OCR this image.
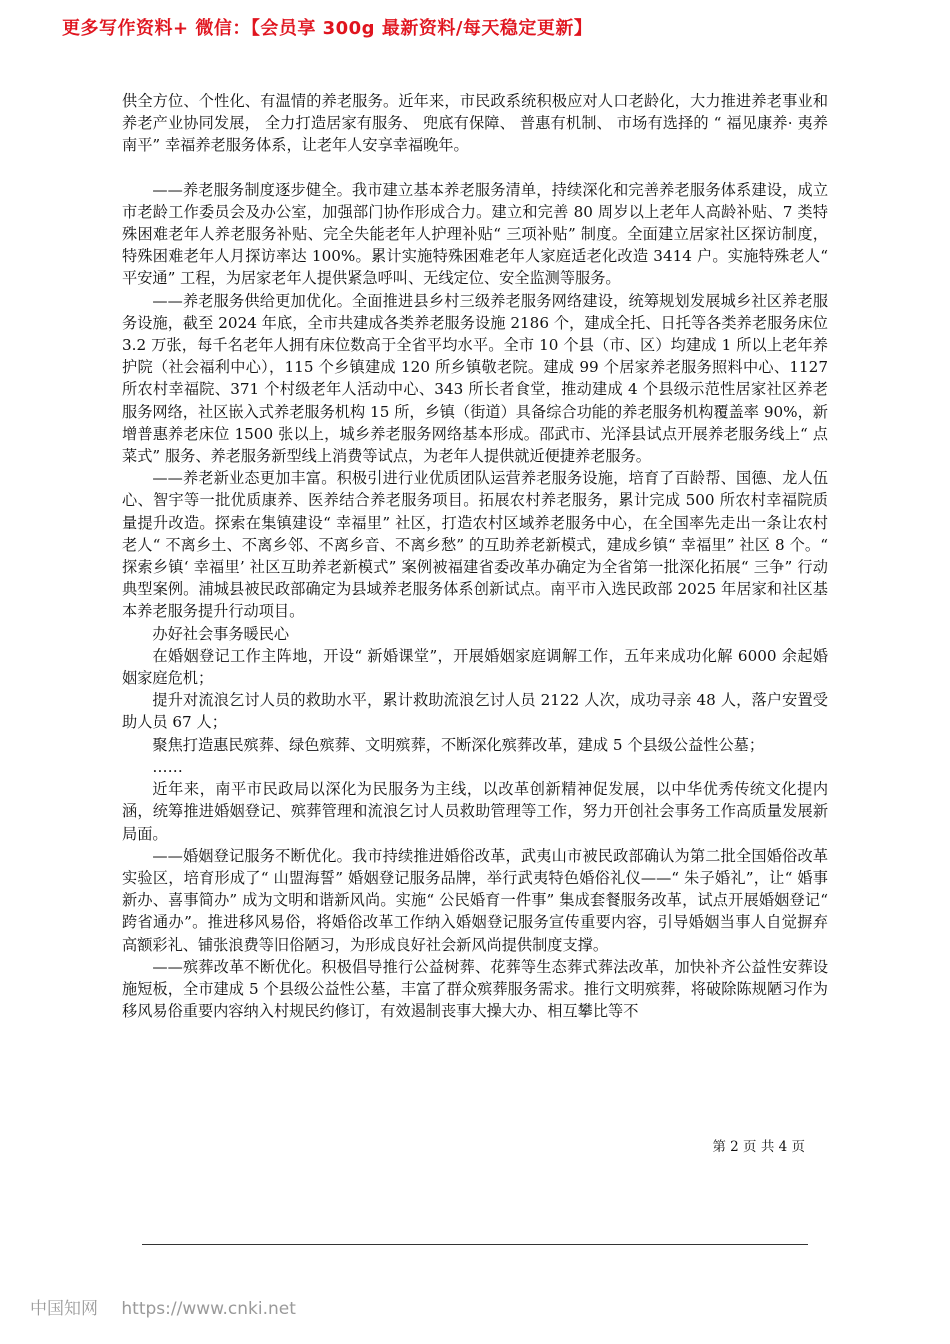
更多写作资料+ 微信：【会员享 300g 最新资料/每天稳定更新】

供全方位、个性化、有温情的养老服务。近年来，市民政系统积极应对人口老龄化，大力推进养老事业和养老产业协同发展， 全力打造居家有服务、 兜底有保障、 普惠有机制、 市场有选择的 “ 福见康养· 夷养南平” 幸福养老服务体系，让老年人安享幸福晚年。

——养老服务制度逐步健全。我市建立基本养老服务清单，持续深化和完善养老服务体系建设，成立市老龄工作委员会及办公室，加强部门协作形成合力。建立和完善 80 周岁以上老年人高龄补贴、7 类特殊困难老年人养老服务补贴、完全失能老年人护理补贴“ 三项补贴” 制度。全面建立居家社区探访制度，特殊困难老年人月探访率达 100%。累计实施特殊困难老年人家庭适老化改造 3414 户。实施特殊老人“ 平安通” 工程，为居家老年人提供紧急呼叫、无线定位、安全监测等服务。

——养老服务供给更加优化。全面推进县乡村三级养老服务网络建设，统筹规划发展城乡社区养老服务设施，截至 2024 年底，全市共建成各类养老服务设施 2186 个，建成全托、日托等各类养老服务床位 3.2 万张，每千名老年人拥有床位数高于全省平均水平。全市 10 个县（市、区）均建成 1 所以上老年养护院（社会福利中心），115 个乡镇建成 120 所乡镇敬老院。建成 99 个居家养老服务照料中心、1127 所农村幸福院、371 个村级老年人活动中心、343 所长者食堂，推动建成 4 个县级示范性居家社区养老服务网络，社区嵌入式养老服务机构 15 所，乡镇（街道）具备综合功能的养老服务机构覆盖率 90%，新增普惠养老床位 1500 张以上，城乡养老服务网络基本形成。邵武市、光泽县试点开展养老服务线上“ 点菜式” 服务、养老服务新型线上消费等试点，为老年人提供就近便捷养老服务。

——养老新业态更加丰富。积极引进行业优质团队运营养老服务设施，培育了百龄帮、国德、龙人伍心、智宇等一批优质康养、医养结合养老服务项目。拓展农村养老服务，累计完成 500 所农村幸福院质量提升改造。探索在集镇建设“ 幸福里” 社区，打造农村区域养老服务中心，在全国率先走出一条让农村老人“ 不离乡土、不离乡邻、不离乡音、不离乡愁” 的互助养老新模式，建成乡镇“ 幸福里” 社区 8 个。“ 探索乡镇‘ 幸福里’ 社区互助养老新模式” 案例被福建省委改革办确定为全省第一批深化拓展“ 三争” 行动典型案例。浦城县被民政部确定为县域养老服务体系创新试点。南平市入选民政部 2025 年居家和社区基本养老服务提升行动项目。

办好社会事务暖民心

在婚姻登记工作主阵地，开设“ 新婚课堂”，开展婚姻家庭调解工作，五年来成功化解 6000 余起婚姻家庭危机；

提升对流浪乞讨人员的救助水平，累计救助流浪乞讨人员 2122 人次，成功寻亲 48 人，落户安置受助人员 67 人；

聚焦打造惠民殡葬、绿色殡葬、文明殡葬，不断深化殡葬改革，建成 5 个县级公益性公墓；

……

近年来，南平市民政局以深化为民服务为主线，以改革创新精神促发展，以中华优秀传统文化提内涵，统筹推进婚姻登记、殡葬管理和流浪乞讨人员救助管理等工作，努力开创社会事务工作高质量发展新局面。

——婚姻登记服务不断优化。我市持续推进婚俗改革，武夷山市被民政部确认为第二批全国婚俗改革实验区，培育形成了“ 山盟海誓” 婚姻登记服务品牌，举行武夷特色婚俗礼仪——“ 朱子婚礼”，让“ 婚事新办、喜事简办” 成为文明和谐新风尚。实施“ 公民婚育一件事” 集成套餐服务改革，试点开展婚姻登记“ 跨省通办”。推进移风易俗，将婚俗改革工作纳入婚姻登记服务宣传重要内容，引导婚姻当事人自觉摒弃高额彩礼、铺张浪费等旧俗陋习，为形成良好社会新风尚提供制度支撑。

——殡葬改革不断优化。积极倡导推行公益树葬、花葬等生态葬式葬法改革，加快补齐公益性安葬设施短板，全市建成 5 个县级公益性公墓，丰富了群众殡葬服务需求。推行文明殡葬，将破除陈规陋习作为移风易俗重要内容纳入村规民约修订，有效遏制丧事大操大办、相互攀比等不

第 2 页 共 4 页
中国知网 https://www.cnki.net
